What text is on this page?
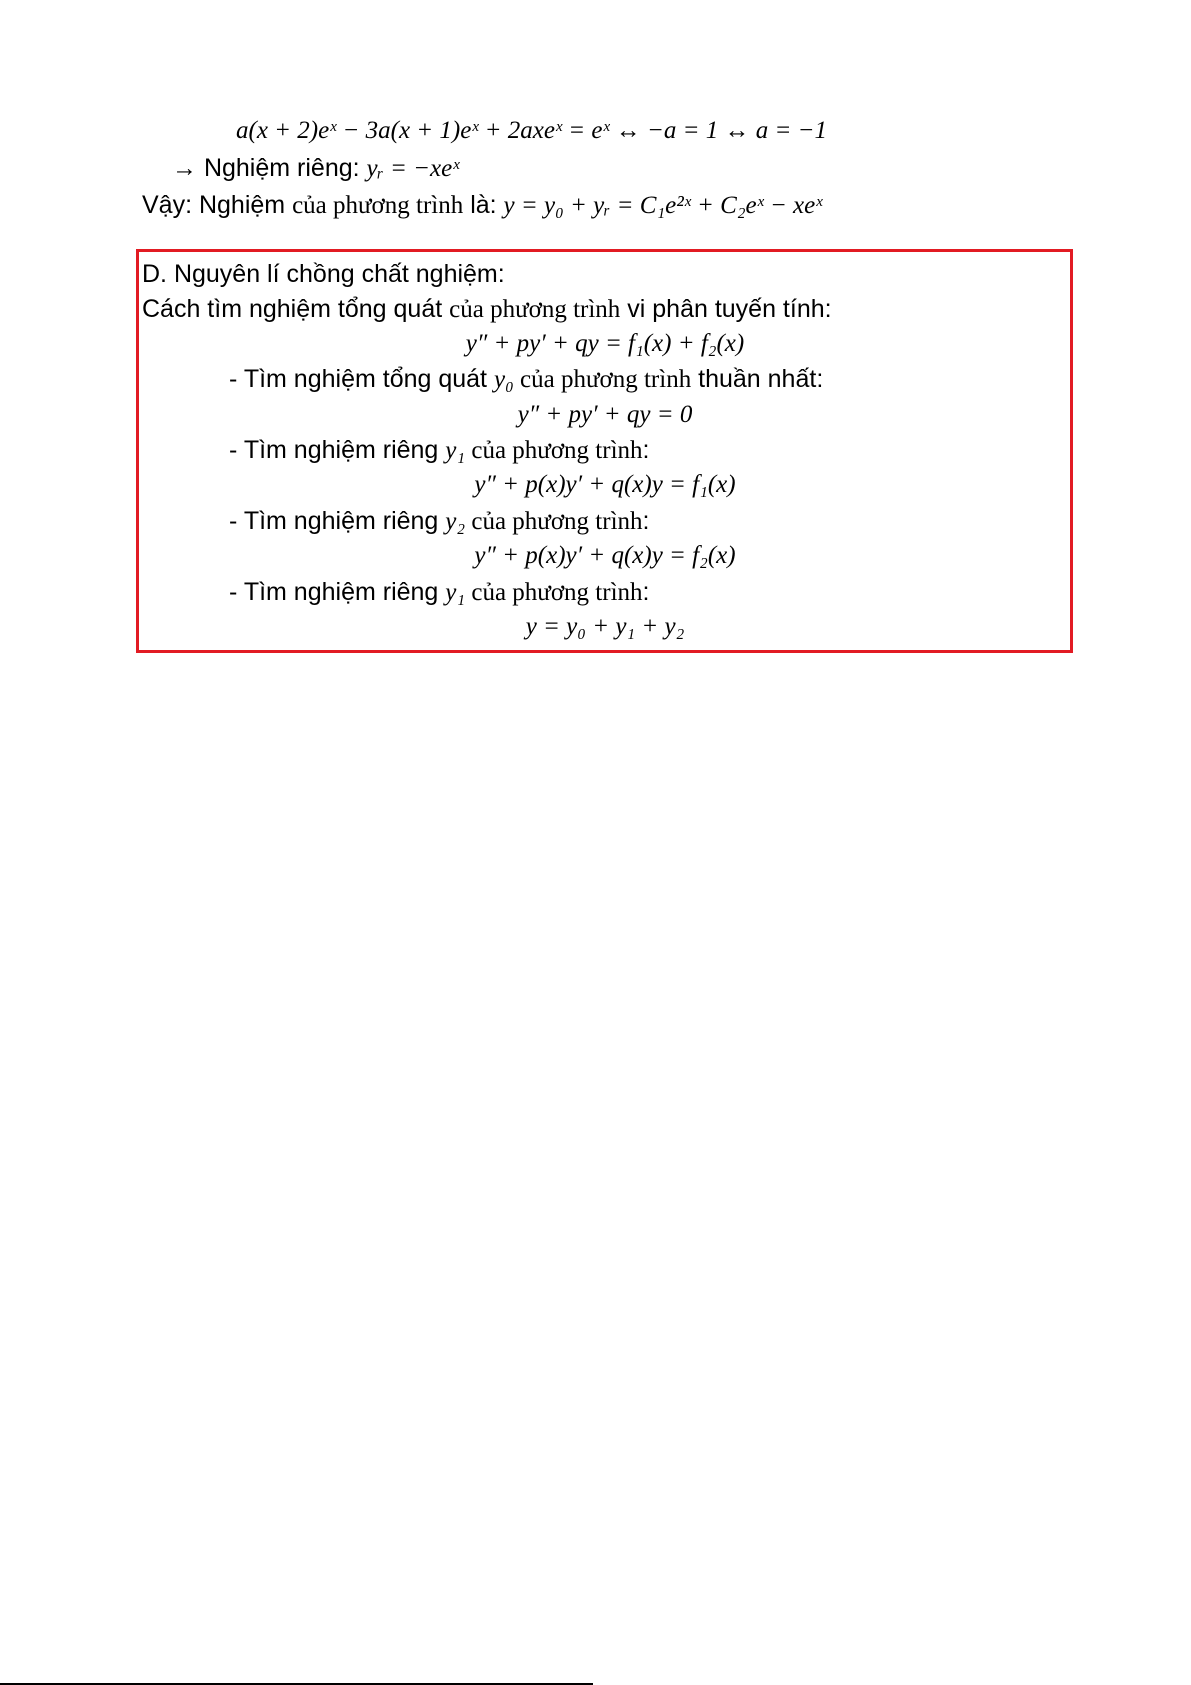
a(x + 2)eˣ − 3a(x + 1)eˣ + 2axeˣ = eˣ ↔ −a = 1 ↔ a = −1
→ Nghiệm riêng: yᵣ = −xeˣ
Vậy: Nghiệm của phương trình là: y = y₀ + yᵣ = C₁e²ˣ + C₂eˣ − xeˣ
D. Nguyên lí chồng chất nghiệm:
Cách tìm nghiệm tổng quát của phương trình vi phân tuyến tính:
y″ + py′ + qy = f₁(x) + f₂(x)
- Tìm nghiệm tổng quát y₀ của phương trình thuần nhất:
y″ + py′ + qy = 0
- Tìm nghiệm riêng y₁ của phương trình:
y″ + p(x)y′ + q(x)y = f₁(x)
- Tìm nghiệm riêng y₂ của phương trình:
y″ + p(x)y′ + q(x)y = f₂(x)
- Tìm nghiệm riêng y₁ của phương trình:
y = y₀ + y₁ + y₂
